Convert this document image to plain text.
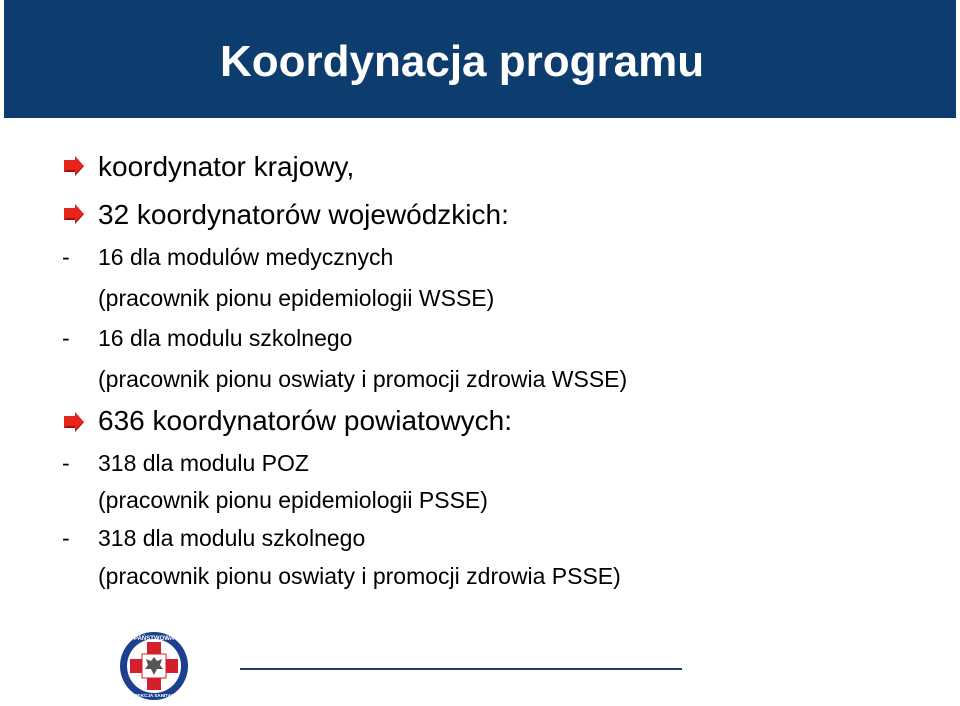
Koordynacja programu
koordynator krajowy,
32 koordynatorów wojewódzkich:
- 16 dla modulów medycznych
(pracownik pionu epidemiologii WSSE)
- 16 dla modulu szkolnego
(pracownik pionu oswiaty i promocji zdrowia WSSE)
636 koordynatorów powiatowych:
- 318 dla modulu POZ
(pracownik pionu epidemiologii PSSE)
- 318 dla modulu szkolnego
(pracownik pionu oswiaty i promocji zdrowia PSSE)
PAŃSTWOWA
INSPEKCJA SANITARNA
